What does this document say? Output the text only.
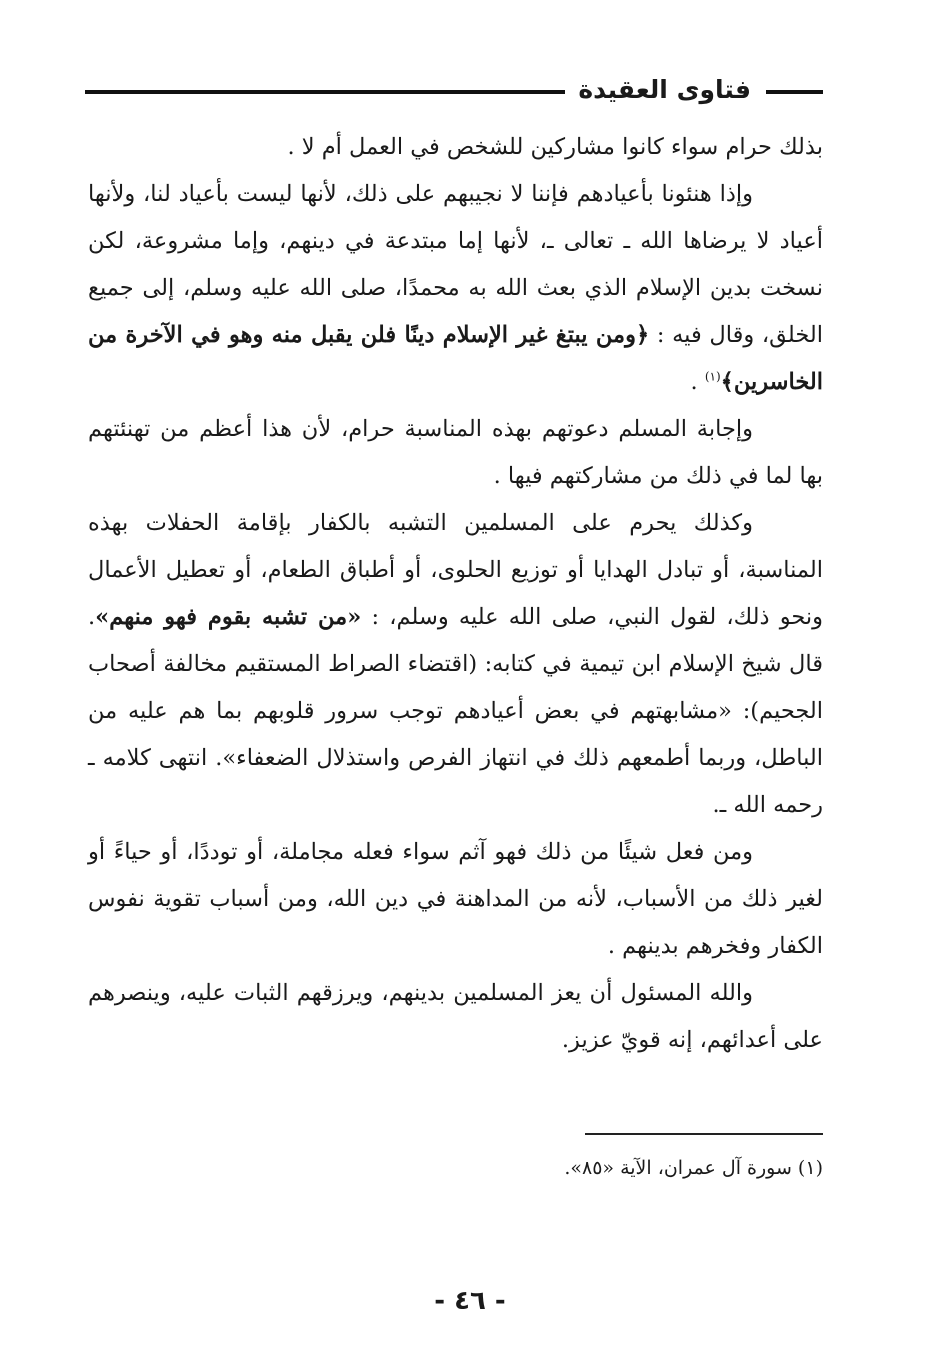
فتاوى العقيدة

بذلك حرام سواء كانوا مشاركين للشخص في العمل أم لا .

وإذا هنئونا بأعيادهم فإننا لا نجيبهم على ذلك، لأنها ليست بأعياد لنا، ولأنها أعياد لا يرضاها الله ـ تعالى ـ، لأنها إما مبتدعة في دينهم، وإما مشروعة، لكن نسخت بدين الإسلام الذي بعث الله به محمدًا، صلى الله عليه وسلم، إلى جميع الخلق، وقال فيه : ﴿ومن يبتغ غير الإسلام دينًا فلن يقبل منه وهو في الآخرة من الخاسرين﴾$^{(١)}$ .

وإجابة المسلم دعوتهم بهذه المناسبة حرام، لأن هذا أعظم من تهنئتهم بها لما في ذلك من مشاركتهم فيها .

وكذلك يحرم على المسلمين التشبه بالكفار بإقامة الحفلات بهذه المناسبة، أو تبادل الهدايا أو توزيع الحلوى، أو أطباق الطعام، أو تعطيل الأعمال ونحو ذلك، لقول النبي، صلى الله عليه وسلم، : «من تشبه بقوم فهو منهم». قال شيخ الإسلام ابن تيمية في كتابه: (اقتضاء الصراط المستقيم مخالفة أصحاب الجحيم): «مشابهتهم في بعض أعيادهم توجب سرور قلوبهم بما هم عليه من الباطل، وربما أطمعهم ذلك في انتهاز الفرص واستذلال الضعفاء». انتهى كلامه ـ رحمه الله ـ.

ومن فعل شيئًا من ذلك فهو آثم سواء فعله مجاملة، أو توددًا، أو حياءً أو لغير ذلك من الأسباب، لأنه من المداهنة في دين الله، ومن أسباب تقوية نفوس الكفار وفخرهم بدينهم .

والله المسئول أن يعز المسلمين بدينهم، ويرزقهم الثبات عليه، وينصرهم على أعدائهم، إنه قويّ عزيز.

(١) سورة آل عمران، الآية «٨٥».
- ٤٦ -
